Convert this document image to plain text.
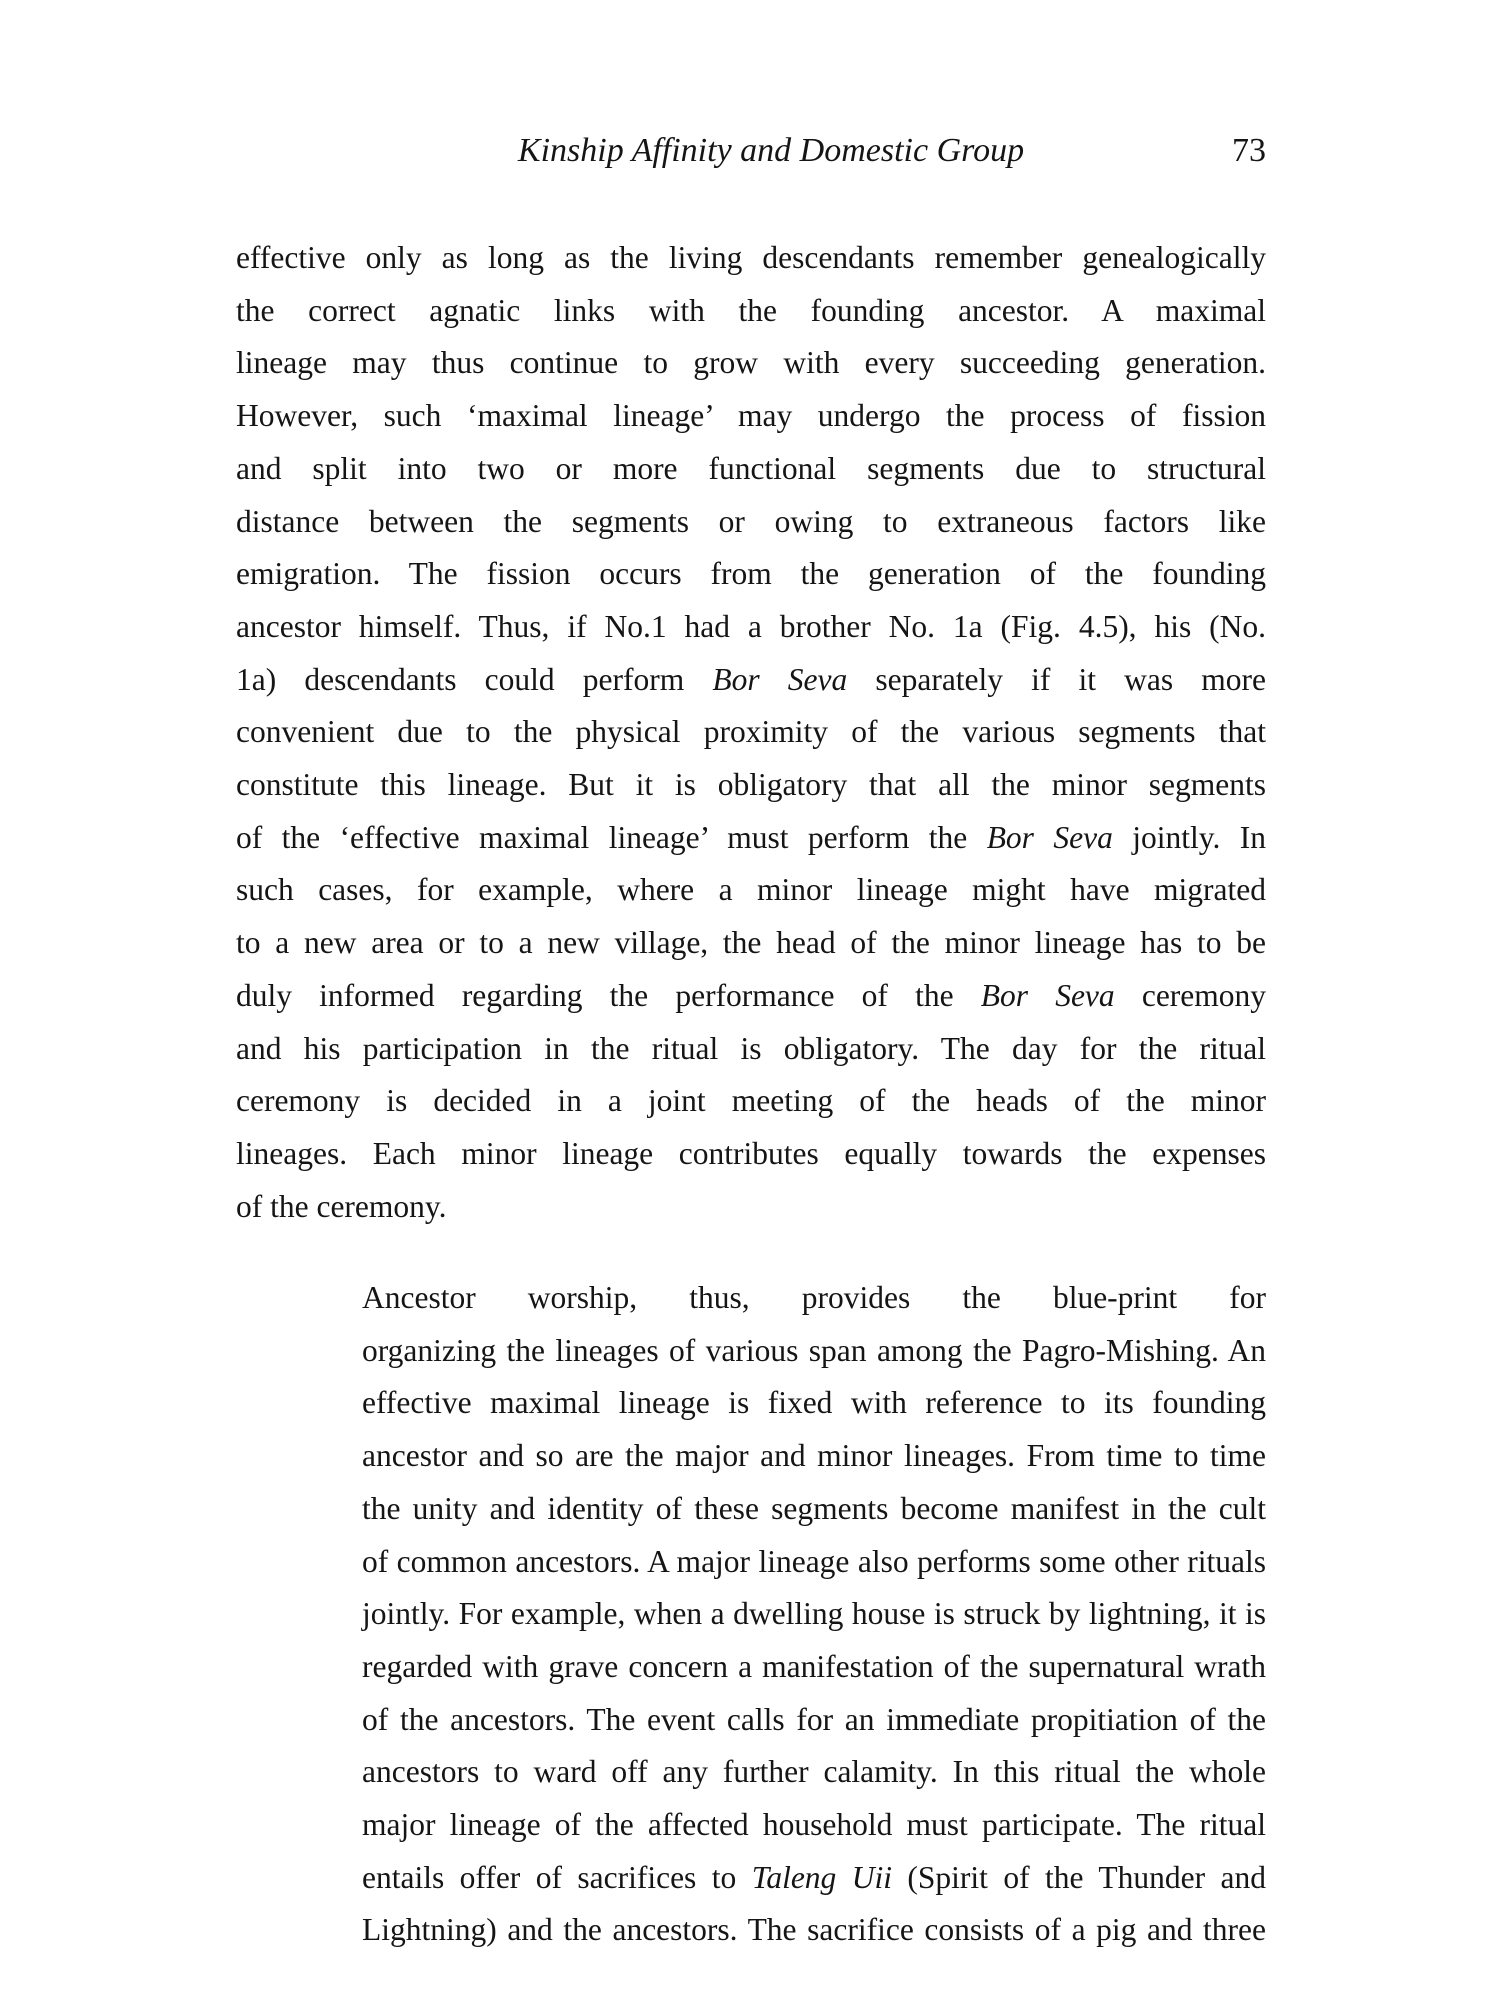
Kinship Affinity and Domestic Group	73

effective only as long as the living descendants remember genealogically
the correct agnatic links with the founding ancestor. A maximal
lineage may thus continue to grow with every succeeding generation.
However, such ‘maximal lineage’ may undergo the process of fission
and split into two or more functional segments due to structural
distance between the segments or owing to extraneous factors like
emigration. The fission occurs from the generation of the founding
ancestor himself. Thus, if No.1 had a brother No. 1a (Fig. 4.5), his (No.
1a) descendants could perform Bor Seva separately if it was more
convenient due to the physical proximity of the various segments that
constitute this lineage. But it is obligatory that all the minor segments
of the ‘effective maximal lineage’ must perform the Bor Seva jointly. In
such cases, for example, where a minor lineage might have migrated
to a new area or to a new village, the head of the minor lineage has to be
duly informed regarding the performance of the Bor Seva ceremony
and his participation in the ritual is obligatory. The day for the ritual
ceremony is decided in a joint meeting of the heads of the minor
lineages. Each minor lineage contributes equally towards the expenses
of the ceremony.

Ancestor worship, thus, provides the blue-print for
organizing the lineages of various span among the Pagro-Mishing. An
effective maximal lineage is fixed with reference to its founding
ancestor and so are the major and minor lineages. From time to time
the unity and identity of these segments become manifest in the cult
of common ancestors. A major lineage also performs some other rituals
jointly. For example, when a dwelling house is struck by lightning, it is
regarded with grave concern a manifestation of the supernatural wrath
of the ancestors. The event calls for an immediate propitiation of the
ancestors to ward off any further calamity. In this ritual the whole
major lineage of the affected household must participate. The ritual
entails offer of sacrifices to Taleng Uii (Spirit of the Thunder and
Lightning) and the ancestors. The sacrifice consists of a pig and three
